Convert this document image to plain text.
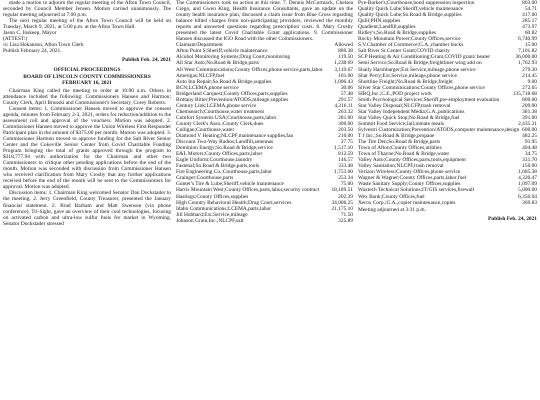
made a motion to adjourn the regular meeting of the Afton Town Council, seconded by Council Member Jensen. Motion carried unanimously. The regular meeting adjourned at 7:00 p.m.

The next regular meeting of the Afton Town Council will be held on Tuesday, March 9, 2021, at 5:00 p.m. at the Afton Town Hall.

Jason C. Inskeep, Mayor

(ATTEST:)

/s/ Lisa Hokanson, Afton Town Clerk

Publish February 24, 2021.

Publish Feb. 24, 2021

OFFICIAL PROCEEDINGS

BOARD OF LINCOLN COUNTY COMMISSIONERS

FEBRUARY 16, 2021

Chairman King called the meeting to order at 10:00 a.m. Others in attendance included the following: Commissioners Hansen and Harmon; County Clerk, April Brunski and Commissioner's Secretary, Corey Roberts.

Consent items: 1. Commissioner Hansen moved to approve the consent agenda, minutes from February 2-3, 2021, orders for reduction/addition to the assessment roll and approval of the vouchers. Motion was adopted. 2. Commissioner Hansen moved to approve the Union Wireless First Responder Participant plan in the amount of $375.00 per month. Motion was adopted. 3. Commissioner Harmon moved to approve funding for the Salt River Senior Center and the Cokeville Senior Center from Covid Charitable Funding Program bringing the total of grants approved through the program to $318,777.94 with authorization for the Chairman and other two Commissioners to critique other pending applications before the end of the month. Motion was seconded with discussion from Commissioner Hansen who received clarification from Mary Crosby that any further applications received before the end of the month will be sent to the Commissioners for approval. Motion was adopted.

Discussion items: 1. Chairman King welcomed Senator Dan Dockstader to the meeting. 2. Jerry Greenfield, County Treasurer, presented the January financial statement. 2. Brad Barham and Matt Swenson (via phone conference), Tri-Sight, gave an overview of their cool technologies, focusing on activated carbon and ultra-low sulfur fuels for market in Wyoming. Senator Dockstader stressed

The Commissioners took no action at this time. 7. Dennis McCormack, Chelsea Crego, and Gwen King, Health Insurance Consultants, gave an update on the county health insurance plan, discussed a claim issue from Blue Cross regarding balance billed charges from non-participating providers, reviewed the monthly reports and answered questions regarding prescription costs. 8. Mary Crosby presented the latest Covid Charitable Grant applications. 9. Commissioner Hansen discussed the IGO Road with the other Commissioners.

Claimant/Department	Allowed
Afton Point S;Sheriff,vehicle maintenance	880.38
Alcohol Monitoring Systems;Drug Court,monitoring	119.50
All Star Auto;No.Road & Bridge,parts	1,238.69
All West Communications;County Offices,phone service,parts,labor	3,119.67
Amerigas;NLCFP,fuel	101.00
Auto Inn Repair;So.Road & Bridge,supplies	1,006.43
BCN;LCEMA,phone service	30.06
Bridgerland Carquest;County Offices,parts,supplies	57.48
Brittany Ritter;Prevention/ATODS,mileage,supplies	291.57
Century Link;LCEMA,phone service	4,216.11
Chemsearch;Courthouse,water treatment	263.32
Comfort Systems USA;Courthouse,parts,labor	281.00
County Clerk's Assn.;County Clerk,dues	300.00
Culligan;Courthouse,water	203.50
Diamond V Heating;NLCPF,maintenance supplies,fan	210.00
Discount Two-Way Radios;Landfill,antennas	27.75
Dominion Energy;So.Road & Bridge,service	1,517.10
E&L Motors;County Offices,parts,labor	812.59
Eagle Uniform;Courthouse,laundry	146.57
Fastenal;So.Road & Bridge,parts,tools	333.48
Fire Engineering Co.;Courthouse,parts,labor	1,753.00
Grainger;Courthouse,parts	253.34
Gunter's Tire & Lube;Sheriff,vehicle maintenance	75.00
Harris Mountain West;County Offices,parts,labor,security contract	18,189.51
Hastings;County Offices,supplies	202.39
High Country Behavioral Health;Drug Court,services	34,006.25
Idaho Communications;LCEMA,parts,labor	21,175.10
Jill Hubbard;Ext.Service,mileage	71.50
Johnson Grain,Inc.;NLCPF,salt	325.89
Pye-Barker's;Courthouse,hood suppression inspection	803.00
Quality Quick Lube;Sheriff,vehicle maintenance	54.71
Quality Quick Lube;So.Road & Bridge,supplies	417.00
Quill;PHN,supplies	285.17
Quadient;Landfill,supplies	473.97
Ridley's;So.Road & Bridge,supplies	60.82
Rocky Mountain Power;County Offices,service	6,740.99
S.V.Chamber of Commerce;G.A.,chamber bucks	15.00
Salt River Sr.Center Grant;COVID charity	7,101.82
SCP Heating & Air Conditioning;Grant,COVID grant/ heater	36,000.00
Semi Service;So.Road & Bridge,freightliner wing add on	1,762.93
Shaily Harshbarger;Ext.Service,mileage,phone service	279.30
Shar Perry;Ext.Service,mileage,phone service	214.45
Shortline Freight;No.Road & Bridge,freight	9.00
Silver Star Communications;County Offices,phone service	272.65
SIRQ,Inc.;C.E.,POD project work	135,718.68
Smith Psychological Services;Sheriff,pre-employment evaluation	800.00
Star Valley Disposal;NLCFP,trash removal	209.00
Star Valley Independent Media;G.A.,publications	381.38
Star Valley Quick Stop;No.Road & Bridge,fuel	391.00
Summit Food Service;Jail,inmate meals	2,435.31
Sylvestri Customization;Prevention/ATODS,computer maintenance,design 600.00
T J Inc.;So.Road & Bridge,propane	482.25
The Tire Den;So.Road & Bridge,parts	93.95
Town of Afton;County Offices,utilities	404.48
Town of Thayne;No.Road & Bridge,water	34.75
Valley Auto;County Offices,parts,tools,equipment	331.70
Valley Sanitation;NLCPF,trash removal	150.00
Verizon Wireless;County Offices,phone service	1,685.38
Wagner & Wagner;County Offices,parts,labor,fuel	4,326.47
Waste Sanitary Supply;County Offices,supplies	1,097.09
Waxtech Technical Solutions;IT/GIS services,firewall	5,000.00
Wex Bank;County Offices,fuel	6,356.04
Xerox Corp.;G.A.,copier maintenance,copies	369.83

Meeting adjourned at 3:31 p.m.

Publish Feb. 24, 2021
